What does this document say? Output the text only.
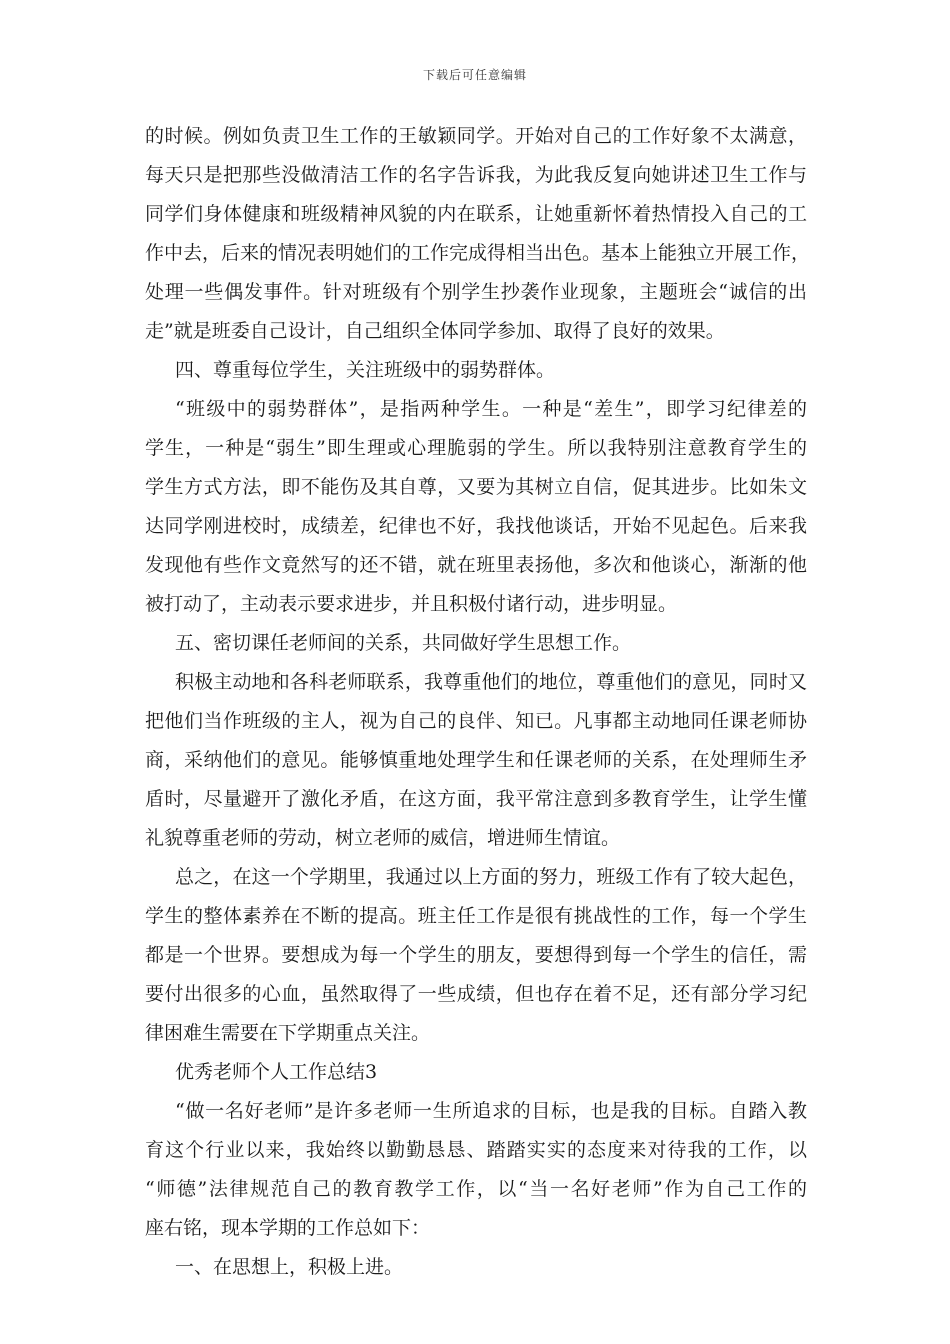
下载后可任意编辑
的时候。例如负责卫生工作的王敏颖同学。开始对自己的工作好象不太满意，
每天只是把那些没做清洁工作的名字告诉我，为此我反复向她讲述卫生工作与
同学们身体健康和班级精神风貌的内在联系，让她重新怀着热情投入自己的工
作中去，后来的情况表明她们的工作完成得相当出色。基本上能独立开展工作，
处理一些偶发事件。针对班级有个别学生抄袭作业现象，主题班会“诚信的出
走”就是班委自己设计，自己组织全体同学参加、取得了良好的效果。
四、尊重每位学生，关注班级中的弱势群体。
“班级中的弱势群体”，是指两种学生。一种是“差生”，即学习纪律差的
学生，一种是“弱生”即生理或心理脆弱的学生。所以我特别注意教育学生的
学生方式方法，即不能伤及其自尊，又要为其树立自信，促其进步。比如朱文
达同学刚进校时，成绩差，纪律也不好，我找他谈话，开始不见起色。后来我
发现他有些作文竟然写的还不错，就在班里表扬他，多次和他谈心，渐渐的他
被打动了，主动表示要求进步，并且积极付诸行动，进步明显。
五、密切课任老师间的关系，共同做好学生思想工作。
积极主动地和各科老师联系，我尊重他们的地位，尊重他们的意见，同时又
把他们当作班级的主人，视为自己的良伴、知已。凡事都主动地同任课老师协
商，采纳他们的意见。能够慎重地处理学生和任课老师的关系，在处理师生矛
盾时，尽量避开了激化矛盾，在这方面，我平常注意到多教育学生，让学生懂
礼貌尊重老师的劳动，树立老师的威信，增进师生情谊。
总之，在这一个学期里，我通过以上方面的努力，班级工作有了较大起色，
学生的整体素养在不断的提高。班主任工作是很有挑战性的工作，每一个学生
都是一个世界。要想成为每一个学生的朋友，要想得到每一个学生的信任，需
要付出很多的心血，虽然取得了一些成绩，但也存在着不足，还有部分学习纪
律困难生需要在下学期重点关注。
优秀老师个人工作总结3
“做一名好老师”是许多老师一生所追求的目标，也是我的目标。自踏入教
育这个行业以来，我始终以勤勤恳恳、踏踏实实的态度来对待我的工作，以
“师德”法律规范自己的教育教学工作，以“当一名好老师”作为自己工作的
座右铭，现本学期的工作总如下：
一、在思想上，积极上进。
